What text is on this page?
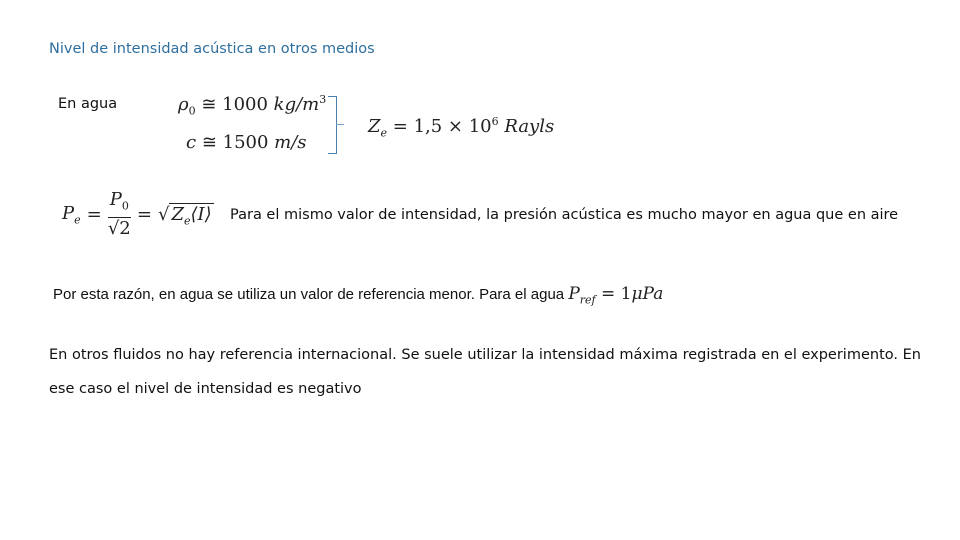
Nivel de intensidad acústica en otros medios
En agua	$\rho_0$ ≅ 1000 $kg/m^3$
c ≅ 1500 m/s
$Z_e = 1,5 \times 10^6$ Rayls
$P_e = \frac{P_0}{√2}$ = √ $Z_e⟨I⟩$ Para el mismo valor de intensidad, la presión acústica es mucho mayor en agua que en aire
Por esta razón, en agua se utiliza un valor de referencia menor. Para el agua $P_{ref} = 1\mu Pa$
En otros fluidos no hay referencia internacional. Se suele utilizar la intensidad máxima registrada en el experimento. En
ese caso el nivel de intensidad es negativo
